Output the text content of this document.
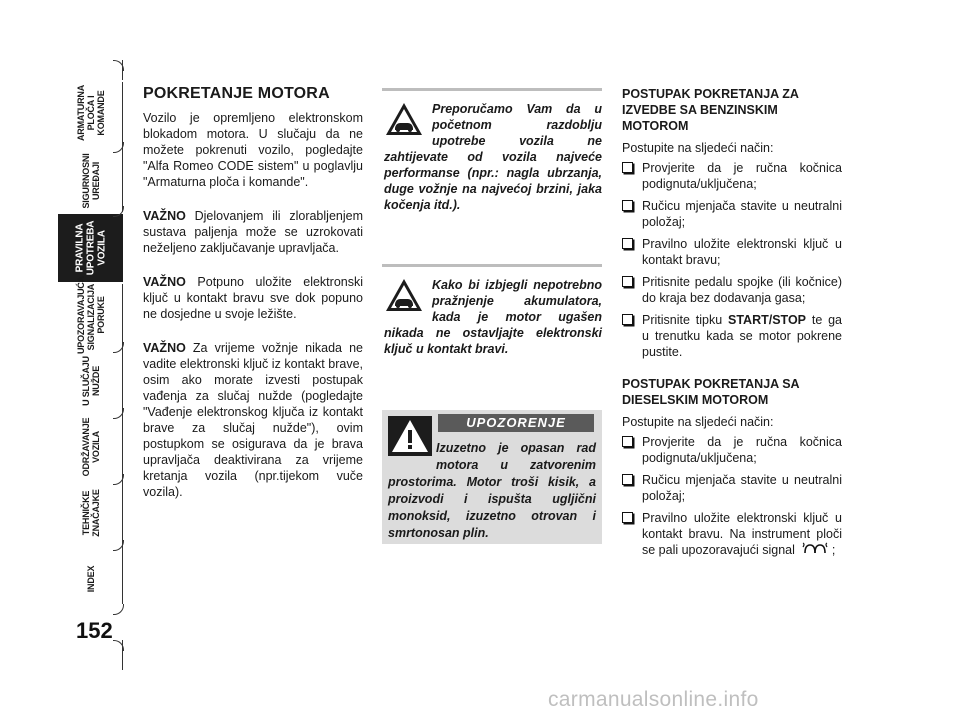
ARMATURNA
PLOČA I
KOMANDE
SIGURNOSNI
UREĐAJI
PRAVILNA
UPOTREBA
VOZILA
UPOZORAVAJUĆA
SIGNALIZACIJA I
PORUKE
U SLUČAJU
NUŽDE
ODRŽAVANJE
VOZILA
TEHNIČKE
ZNAČAJKE
INDEX
152
POKRETANJE MOTORA

Vozilo je opremljeno elektronskom blokadom motora. U slučaju da ne možete pokrenuti vozilo, pogledajte "Alfa Romeo CODE sistem" u poglavlju "Armaturna ploča i komande".

VAŽNO Djelovanjem ili zlorabljenjem sustava paljenja može se uzrokovati neželjeno zaključavanje upravljača.

VAŽNO Potpuno uložite elektronski ključ u kontakt bravu sve dok popuno ne dosjedne u svoje ležište.

VAŽNO Za vrijeme vožnje nikada ne vadite elektronski ključ iz kontakt brave, osim ako morate izvesti postupak vađenja za slučaj nužde (pogledajte "Vađenje elektronskog ključa iz kontakt brave za slučaj nužde"), ovim postupkom se osigurava da je brava upravljača deaktivirana za vrijeme kretanja vozila (npr.tijekom vuče vozila).

Preporučamo Vam da u početnom razdoblju upotrebe vozila ne zahtijevate od vozila najveće performanse (npr.: nagla ubrzanja, duge vožnje na najvećoj brzini, jaka kočenja itd.).
Kako bi izbjegli nepotrebno pražnjenje akumulatora, kada je motor ugašen nikada ne ostavljajte elektronski ključ u kontakt bravi.
UPOZORENJE
Izuzetno je opasan rad motora u zatvorenim prostorima. Motor troši kisik, a proizvodi i ispušta ugljični monoksid, izuzetno otrovan i smrtonosan plin.
POSTUPAK POKRETANJA ZA IZVEDBE SA BENZINSKIM MOTOROM

Postupite na sljedeći način:

Provjerite da je ručna kočnica podignuta/uključena;
Ručicu mjenjača stavite u neutralni položaj;
Pravilno uložite elektronski ključ u kontakt bravu;
Pritisnite pedalu spojke (ili kočnice) do kraja bez dodavanja gasa;
Pritisnite tipku START/STOP te ga u trenutku kada se motor pokrene pustite.
POSTUPAK POKRETANJA SA DIESELSKIM MOTOROM

Postupite na sljedeći način:

Provjerite da je ručna kočnica podignuta/uključena;
Ručicu mjenjača stavite u neutralni položaj;
Pravilno uložite elektronski ključ u kontakt bravu. Na instrument ploči se pali upozoravajući signal	;
carmanualsonline.info
